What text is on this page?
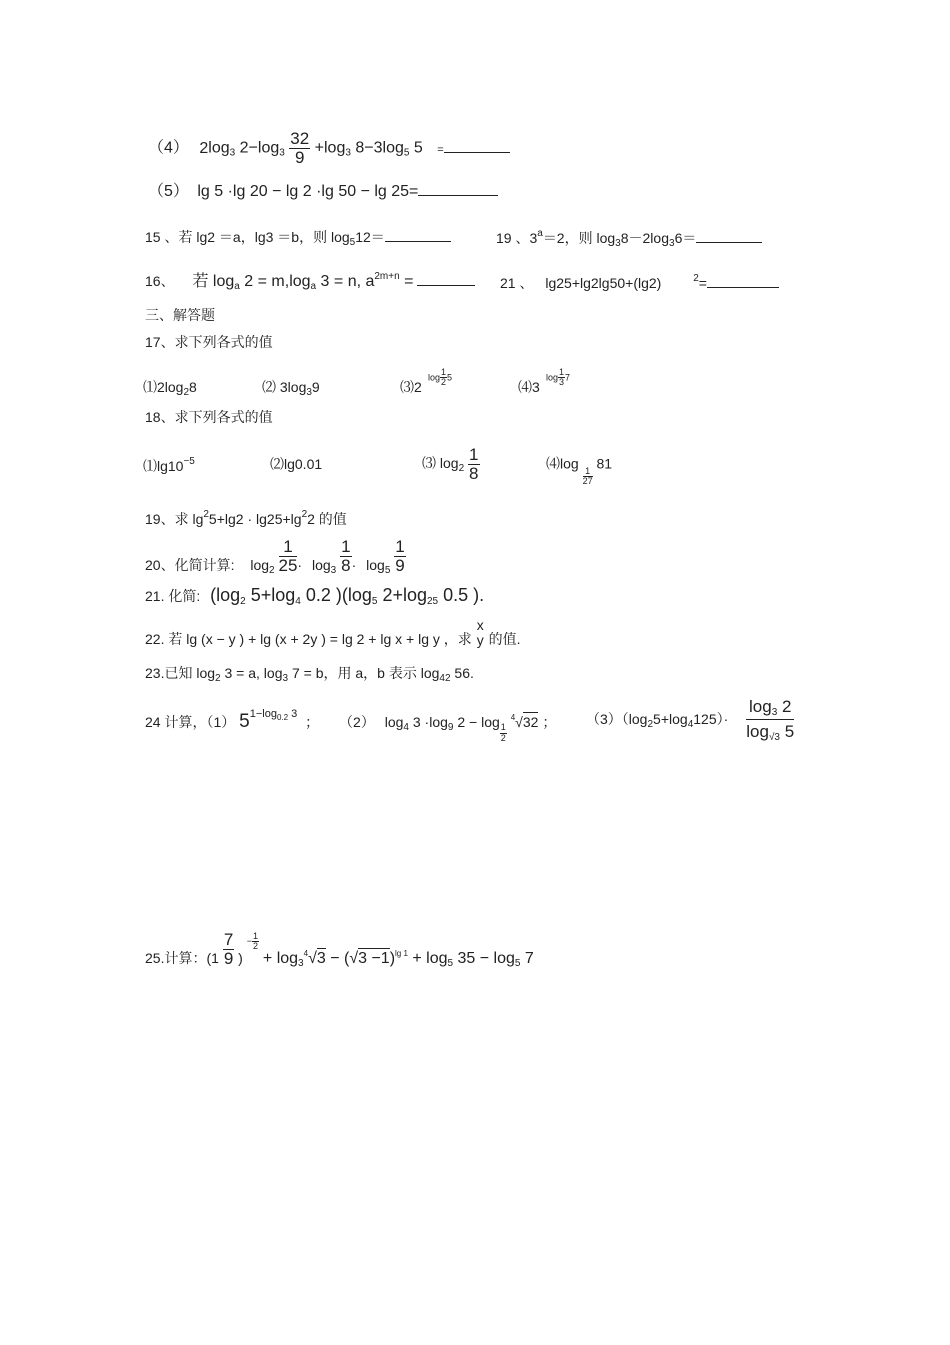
（4） $2\log_3$ $2-\log_3 \frac{32}{9} +\log_3$ $8-3\log_5$ 5 =
（5） lg 5 ·lg 20 − lg 2 ·lg 50 − lg 25=
15 、若 lg2 ＝a，lg3 ＝b，则 $\log_512=$	19 、$3^a=2$，则 $\log_38-2\log_36=$
16、 若 $\log_a 2 = m,\log_a$ 3 = n, $a^{2m+n}$ =	21 、 lg25+lg2lg50+(lg2)	$^2$=
三、解答题
17、求下列各式的值
$⑴2\log_28$	⑵ $3\log_39$	⑶2
$\log \frac{1}{2} 5$
⑷3
$\log \frac{1}{3} 7$
18、求下列各式的值
$⑴\lg 10^{-5}$	⑵lg0.01	⑶ $\log_2 \frac{1}{8}$	⑷log
$\frac{1}{27}$
81
19、求 $\lg^25+\lg 2 \cdot \lg 25+\lg^22$ 的值
20、化简计算: $\log_2 \frac{1}{25} \cdot \log_3 \frac{1}{8} \cdot \log_5 \frac{1}{9}$
21. 化简: ($\log_2$ $5+\log_4$ 0.2 )($\log_5$ $2+\log_{25}$ 0.5 ).
22. 若 lg (x − y ) + lg (x + 2y ) = lg 2 + lg x + lg y ，求
x
y 的值.
23.已知 $\log_2 3 = a$, $\log_3 7 = b$，用 a，b 表示 $\log_{42} 56$.
24 计算，（1） $5^{1-log_{0.2} 3}$ ； （2） $\log_4 3 \cdot\log_9$ 2 − log
$\frac{1}{2}$
$^4$√32 ； $(3)(\log_25+\log_4125)\cdot \frac{\log_3 2}{\log_{√3} 5}$
25.计算：($1 \frac{7}{9}$ ) $^{- \frac{1}{2}}$
+ $\log_3^4√3 - (√3 -1)^{lg 1} + \log_5 35 - \log_5 7$
